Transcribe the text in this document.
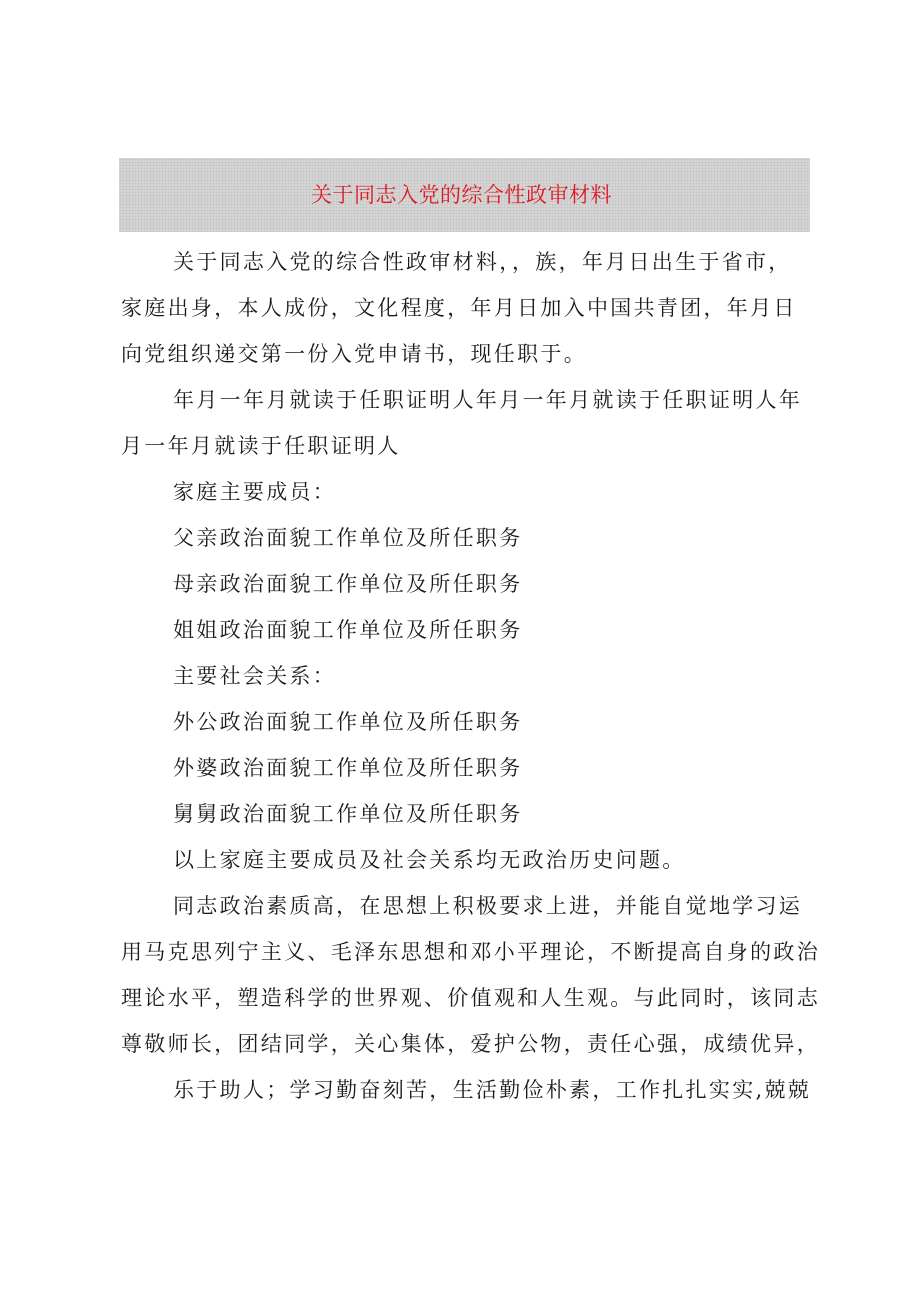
关于同志入党的综合性政审材料

关于同志入党的综合性政审材料，，族，年月日出生于省市，
家庭出身，本人成份，文化程度，年月日加入中国共青团，年月日
向党组织递交第一份入党申请书，现任职于。

年月一年月就读于任职证明人年月一年月就读于任职证明人年
月一年月就读于任职证明人

家庭主要成员：

父亲政治面貌工作单位及所任职务

母亲政治面貌工作单位及所任职务

姐姐政治面貌工作单位及所任职务

主要社会关系：

外公政治面貌工作单位及所任职务

外婆政治面貌工作单位及所任职务

舅舅政治面貌工作单位及所任职务

以上家庭主要成员及社会关系均无政治历史问题。

同志政治素质高，在思想上积极要求上进，并能自觉地学习运
用马克思列宁主义、毛泽东思想和邓小平理论，不断提高自身的政治
理论水平，塑造科学的世界观、价值观和人生观。与此同时，该同志
尊敬师长，团结同学，关心集体，爱护公物，责任心强，成绩优异，

乐于助人；学习勤奋刻苦，生活勤俭朴素，工作扎扎实实,兢兢
